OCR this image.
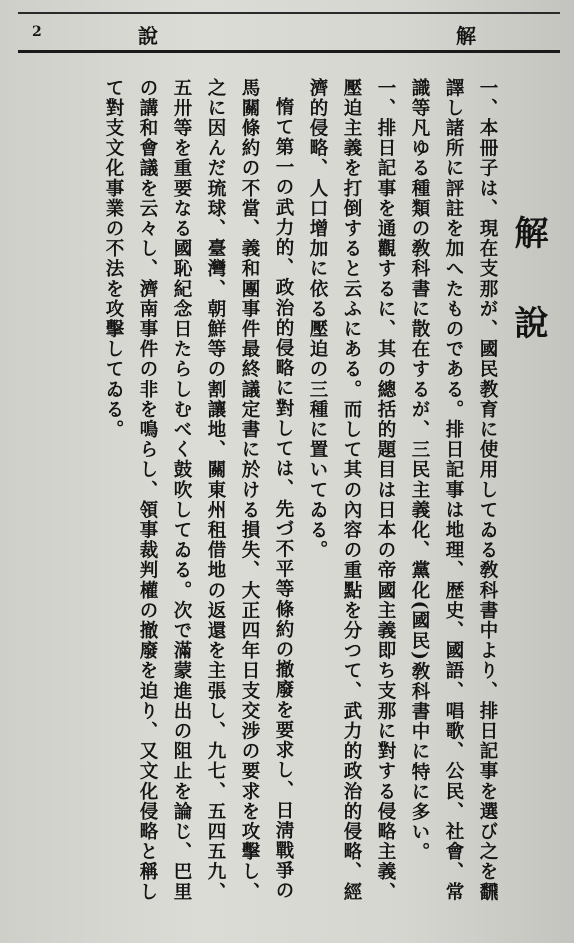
2	說	解
解說

一、本冊子は、現在支那が、國民教育に使用してゐる敎科書中より、排日記事を選び之を飜譯し諸所に評註を加へたものである。排日記事は地理、歴史、國語、唱歌、公民、社會、常識等凡ゆる種類の敎科書に散在するが、三民主義化、黨化(國民)敎科書中に特に多い。

一、排日記事を通觀するに、其の總括的題目は日本の帝國主義即ち支那に對する侵略主義、壓迫主義を打倒すると云ふにある。而して其の內容の重點を分つて、武力的政治的侵略、經濟的侵略、人口增加に依る壓迫の三種に置いてゐる。

惰て第一の武力的、政治的侵略に對しては、先づ不平等條約の撤廢を要求し、日淸戰爭の馬關條約の不當、義和團事件最終議定書に於ける損失、大正四年日支交涉の要求を攻擊し、之に因んだ琉球、臺灣、朝鮮等の割讓地、關東州租借地の返還を主張し、九七、五四五九、五卅等を重要なる國恥紀念日たらしむべく鼓吹してゐる。次で滿蒙進出の阻止を論じ、巴里の講和會議を云々し、濟南事件の非を鳴らし、領事裁判權の撤廢を迫り、又文化侵略と稱して對支文化事業の不法を攻擊してゐる。
